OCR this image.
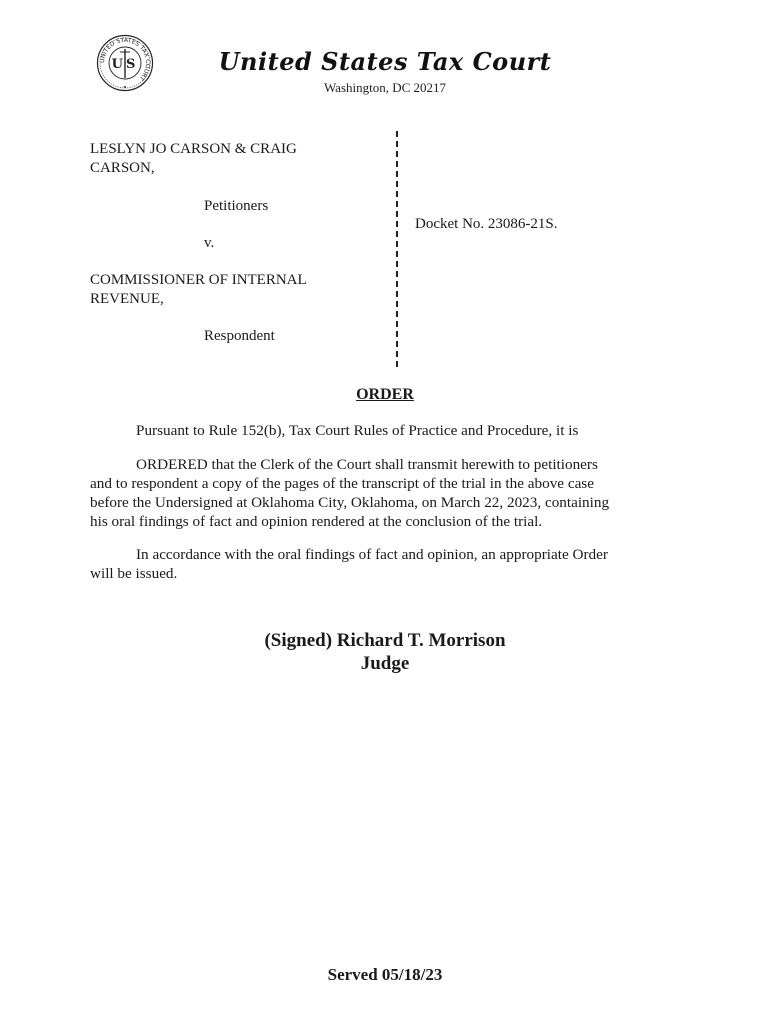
UNITED STATES TAX COURT
US	United States Tax Court
Washington, DC 20217
LESLYN JO CARSON & CRAIG
CARSON,
Petitioners
v.
COMMISSIONER OF INTERNAL
REVENUE,
Respondent
Docket No. 23086-21S.
ORDER
Pursuant to Rule 152(b), Tax Court Rules of Practice and Procedure, it is
ORDERED that the Clerk of the Court shall transmit herewith to petitioners
and to respondent a copy of the pages of the transcript of the trial in the above case
before the Undersigned at Oklahoma City, Oklahoma, on March 22, 2023, containing
his oral findings of fact and opinion rendered at the conclusion of the trial.
In accordance with the oral findings of fact and opinion, an appropriate Order
will be issued.
(Signed) Richard T. Morrison
Judge
Served 05/18/23
